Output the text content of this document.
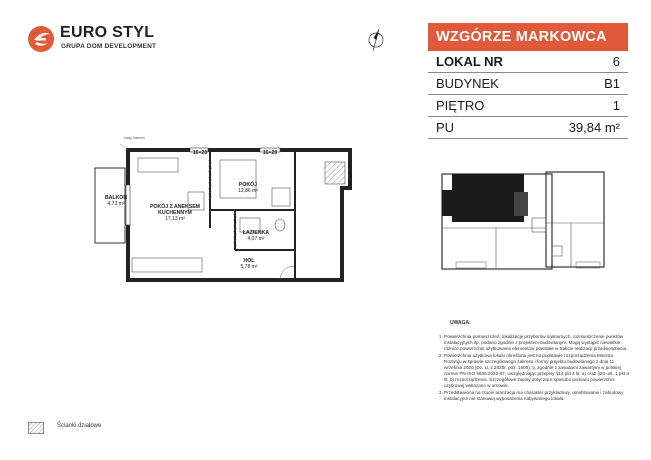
EURO STYL
GRUPA DOM DEVELOPMENT
WZGÓRZE MARKOWCA
LOKAL NR	6
BUDYNEK	B1
PIĘTRO	1
PU	39,84 m²
kraty, barierki
16+20	16+20
BALKON
4,73 m²	POKÓJ Z ANEKSEM KUCHENNYM
17,13 m²
POKÓJ
12,86 m²
ŁAZIENKA
4,07 m²
HOL
5,78 m²
UWAGA:
1. Powierzchnia pomieszczeń, lokalizację przyborów sanitarnych, rozmieszczenie punktów instalacyjnych itp. podano zgodnie z projektem budowlanym. Mogą wystąpić niewielkie różnice powierzchni użytkowania elementów powstałe w trakcie realizacji przedsięwzięcia.
2. Powierzchnia użytkowa lokalu określona jest na podstawie rozporządzenia Ministra Rozwoju w sprawie szczegółowego zakresu i formy projektu budowlanego z dnia 11 września 2020 (Dz. U. z 2020r. poz. 1609), tj. zgodnie z zasadami zawartymi w polskiej normie PN-ISO 9836:2022-07, uwzględniając przepisy §14 pkt 4 lit. a) oraz §20 ust. 1 pkt 4 lit. b) rozporządzenia. Szczegółowe zapisy dotyczące sposobu pomiaru powierzchni użytkowej wskazano w umowie.
3. Przedstawiona na rzucie aranżacja ma charakter przykładowy, umeblowanie i zabudowy instalacyjne nie stanowią wyposażenia nabywanego lokalu.
Ścianki działowe
